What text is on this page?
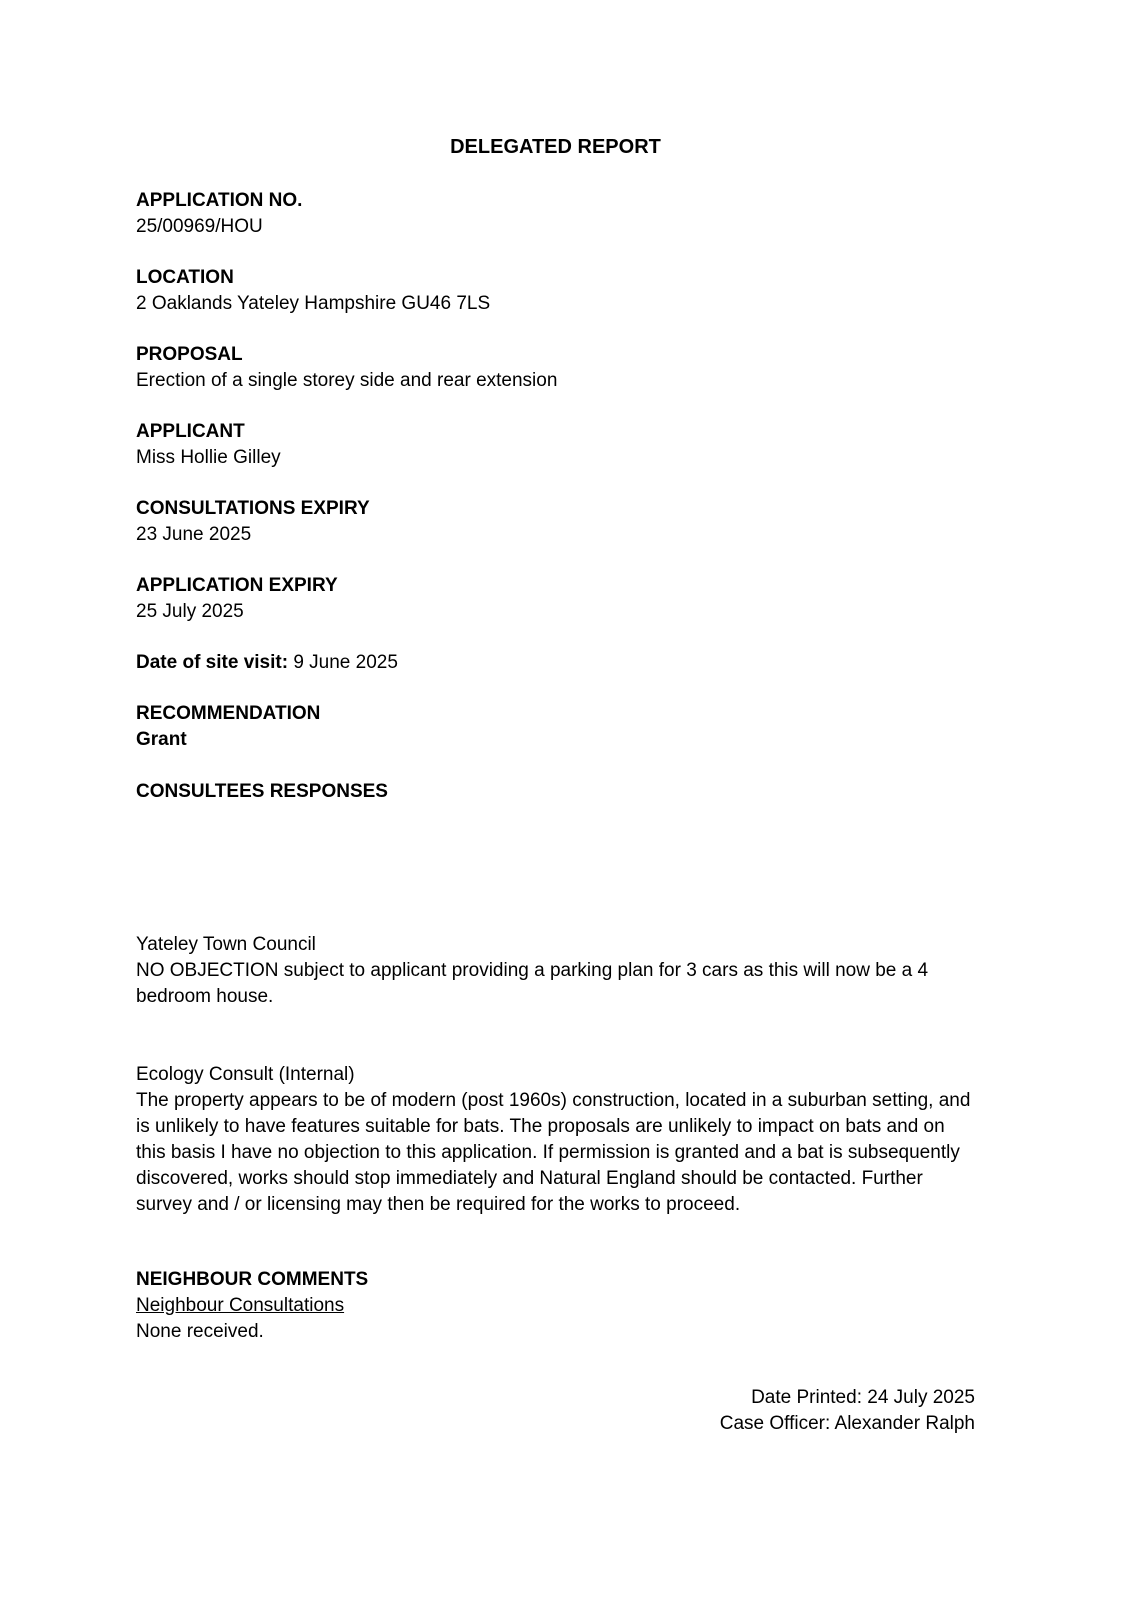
DELEGATED REPORT
APPLICATION NO.
25/00969/HOU
LOCATION
2 Oaklands Yateley Hampshire GU46 7LS
PROPOSAL
Erection of a single storey side and rear extension
APPLICANT
Miss Hollie Gilley
CONSULTATIONS EXPIRY
23 June 2025
APPLICATION EXPIRY
25 July 2025
Date of site visit: 9 June 2025
RECOMMENDATION
Grant
CONSULTEES RESPONSES
Yateley Town Council
NO OBJECTION subject to applicant providing a parking plan for 3 cars as this will now be a 4 bedroom house.
Ecology Consult (Internal)
The property appears to be of modern (post 1960s) construction, located in a suburban setting, and is unlikely to have features suitable for bats. The proposals are unlikely to impact on bats and on this basis I have no objection to this application. If permission is granted and a bat is subsequently discovered, works should stop immediately and Natural England should be contacted. Further survey and / or licensing may then be required for the works to proceed.
NEIGHBOUR COMMENTS
Neighbour Consultations
None received.
Date Printed: 24 July 2025
Case Officer: Alexander Ralph
